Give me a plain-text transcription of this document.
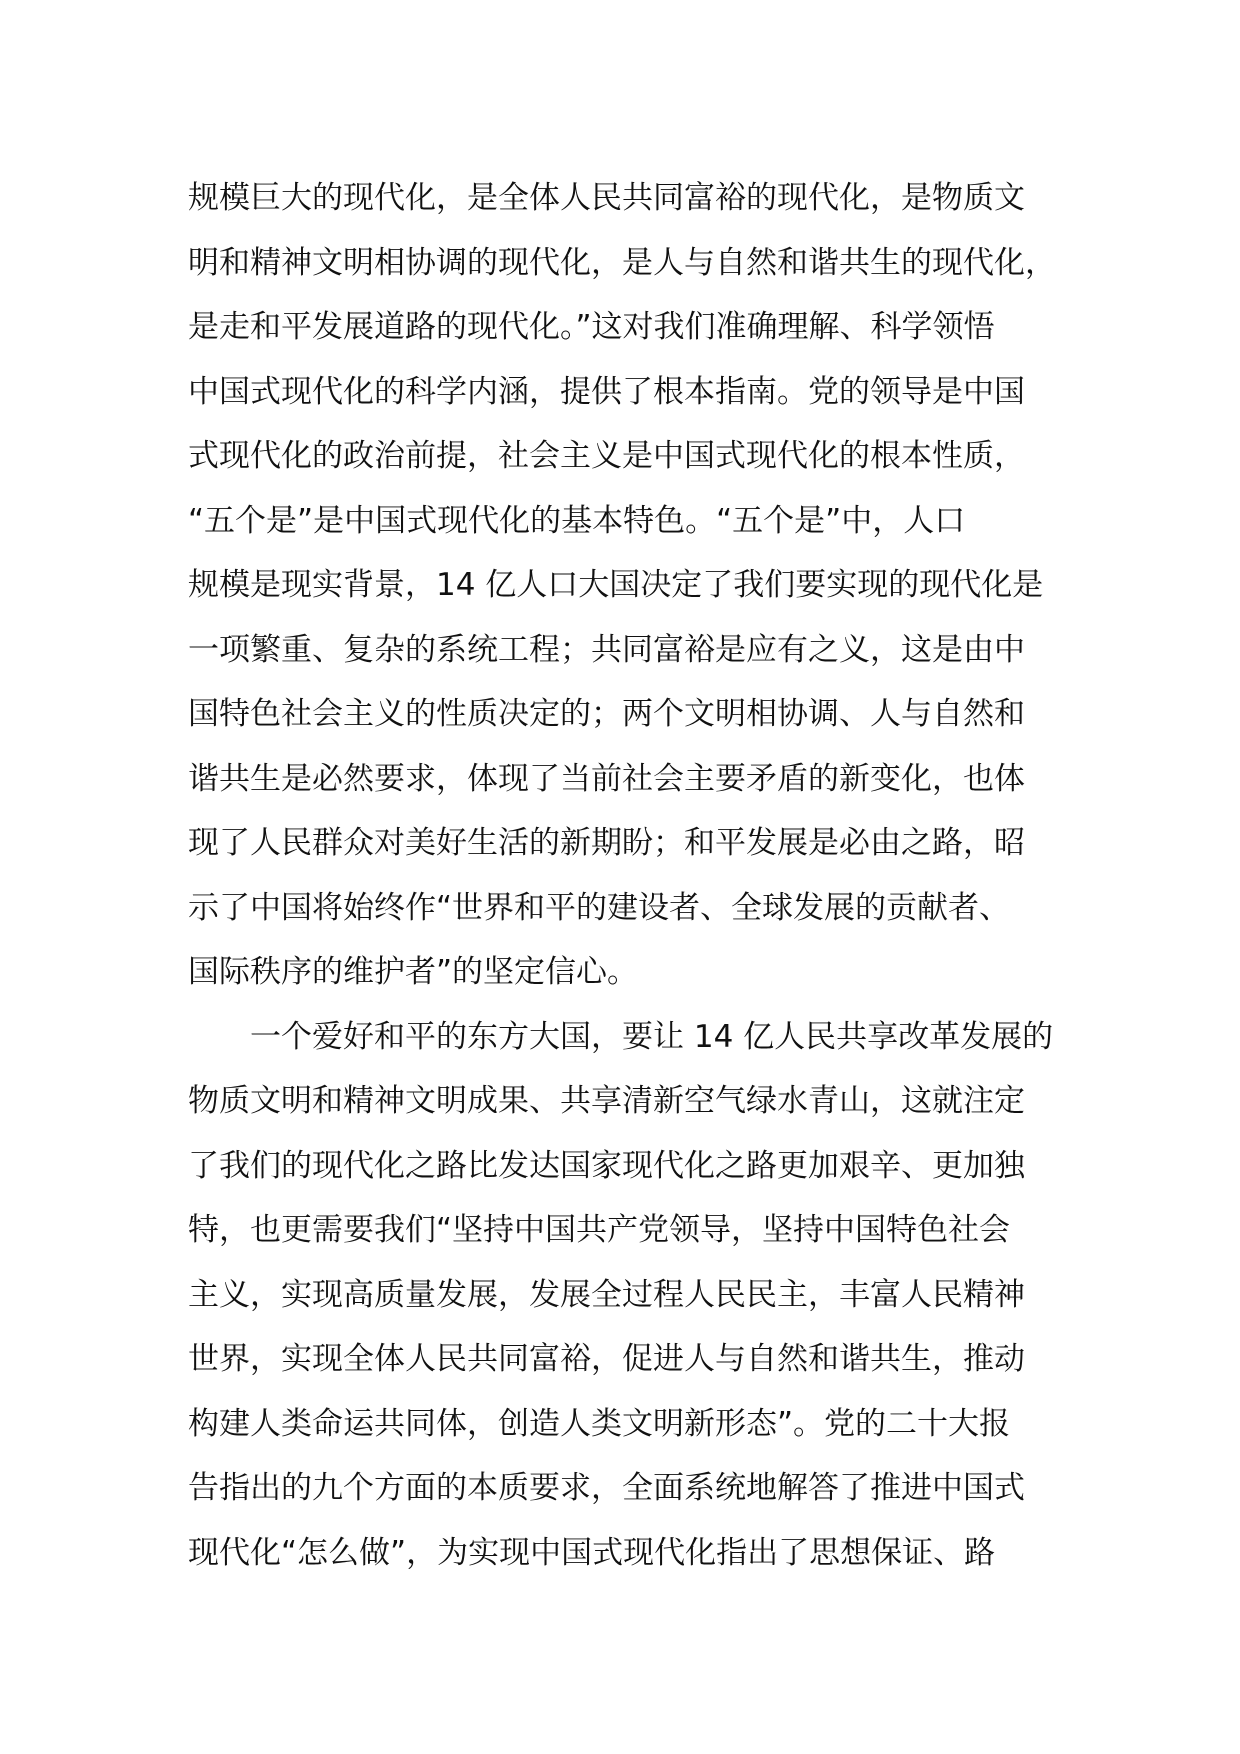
规模巨大的现代化，是全体人民共同富裕的现代化，是物质文
明和精神文明相协调的现代化，是人与自然和谐共生的现代化，
是走和平发展道路的现代化。”这对我们准确理解、科学领悟
中国式现代化的科学内涵，提供了根本指南。党的领导是中国
式现代化的政治前提，社会主义是中国式现代化的根本性质，
“五个是”是中国式现代化的基本特色。“五个是”中，人口
规模是现实背景，14 亿人口大国决定了我们要实现的现代化是
一项繁重、复杂的系统工程；共同富裕是应有之义，这是由中
国特色社会主义的性质决定的；两个文明相协调、人与自然和
谐共生是必然要求，体现了当前社会主要矛盾的新变化，也体
现了人民群众对美好生活的新期盼；和平发展是必由之路，昭
示了中国将始终作“世界和平的建设者、全球发展的贡献者、
国际秩序的维护者”的坚定信心。
一个爱好和平的东方大国，要让 14 亿人民共享改革发展的
物质文明和精神文明成果、共享清新空气绿水青山，这就注定
了我们的现代化之路比发达国家现代化之路更加艰辛、更加独
特，也更需要我们“坚持中国共产党领导，坚持中国特色社会
主义，实现高质量发展，发展全过程人民民主，丰富人民精神
世界，实现全体人民共同富裕，促进人与自然和谐共生，推动
构建人类命运共同体，创造人类文明新形态”。党的二十大报
告指出的九个方面的本质要求，全面系统地解答了推进中国式
现代化“怎么做”，为实现中国式现代化指出了思想保证、路
